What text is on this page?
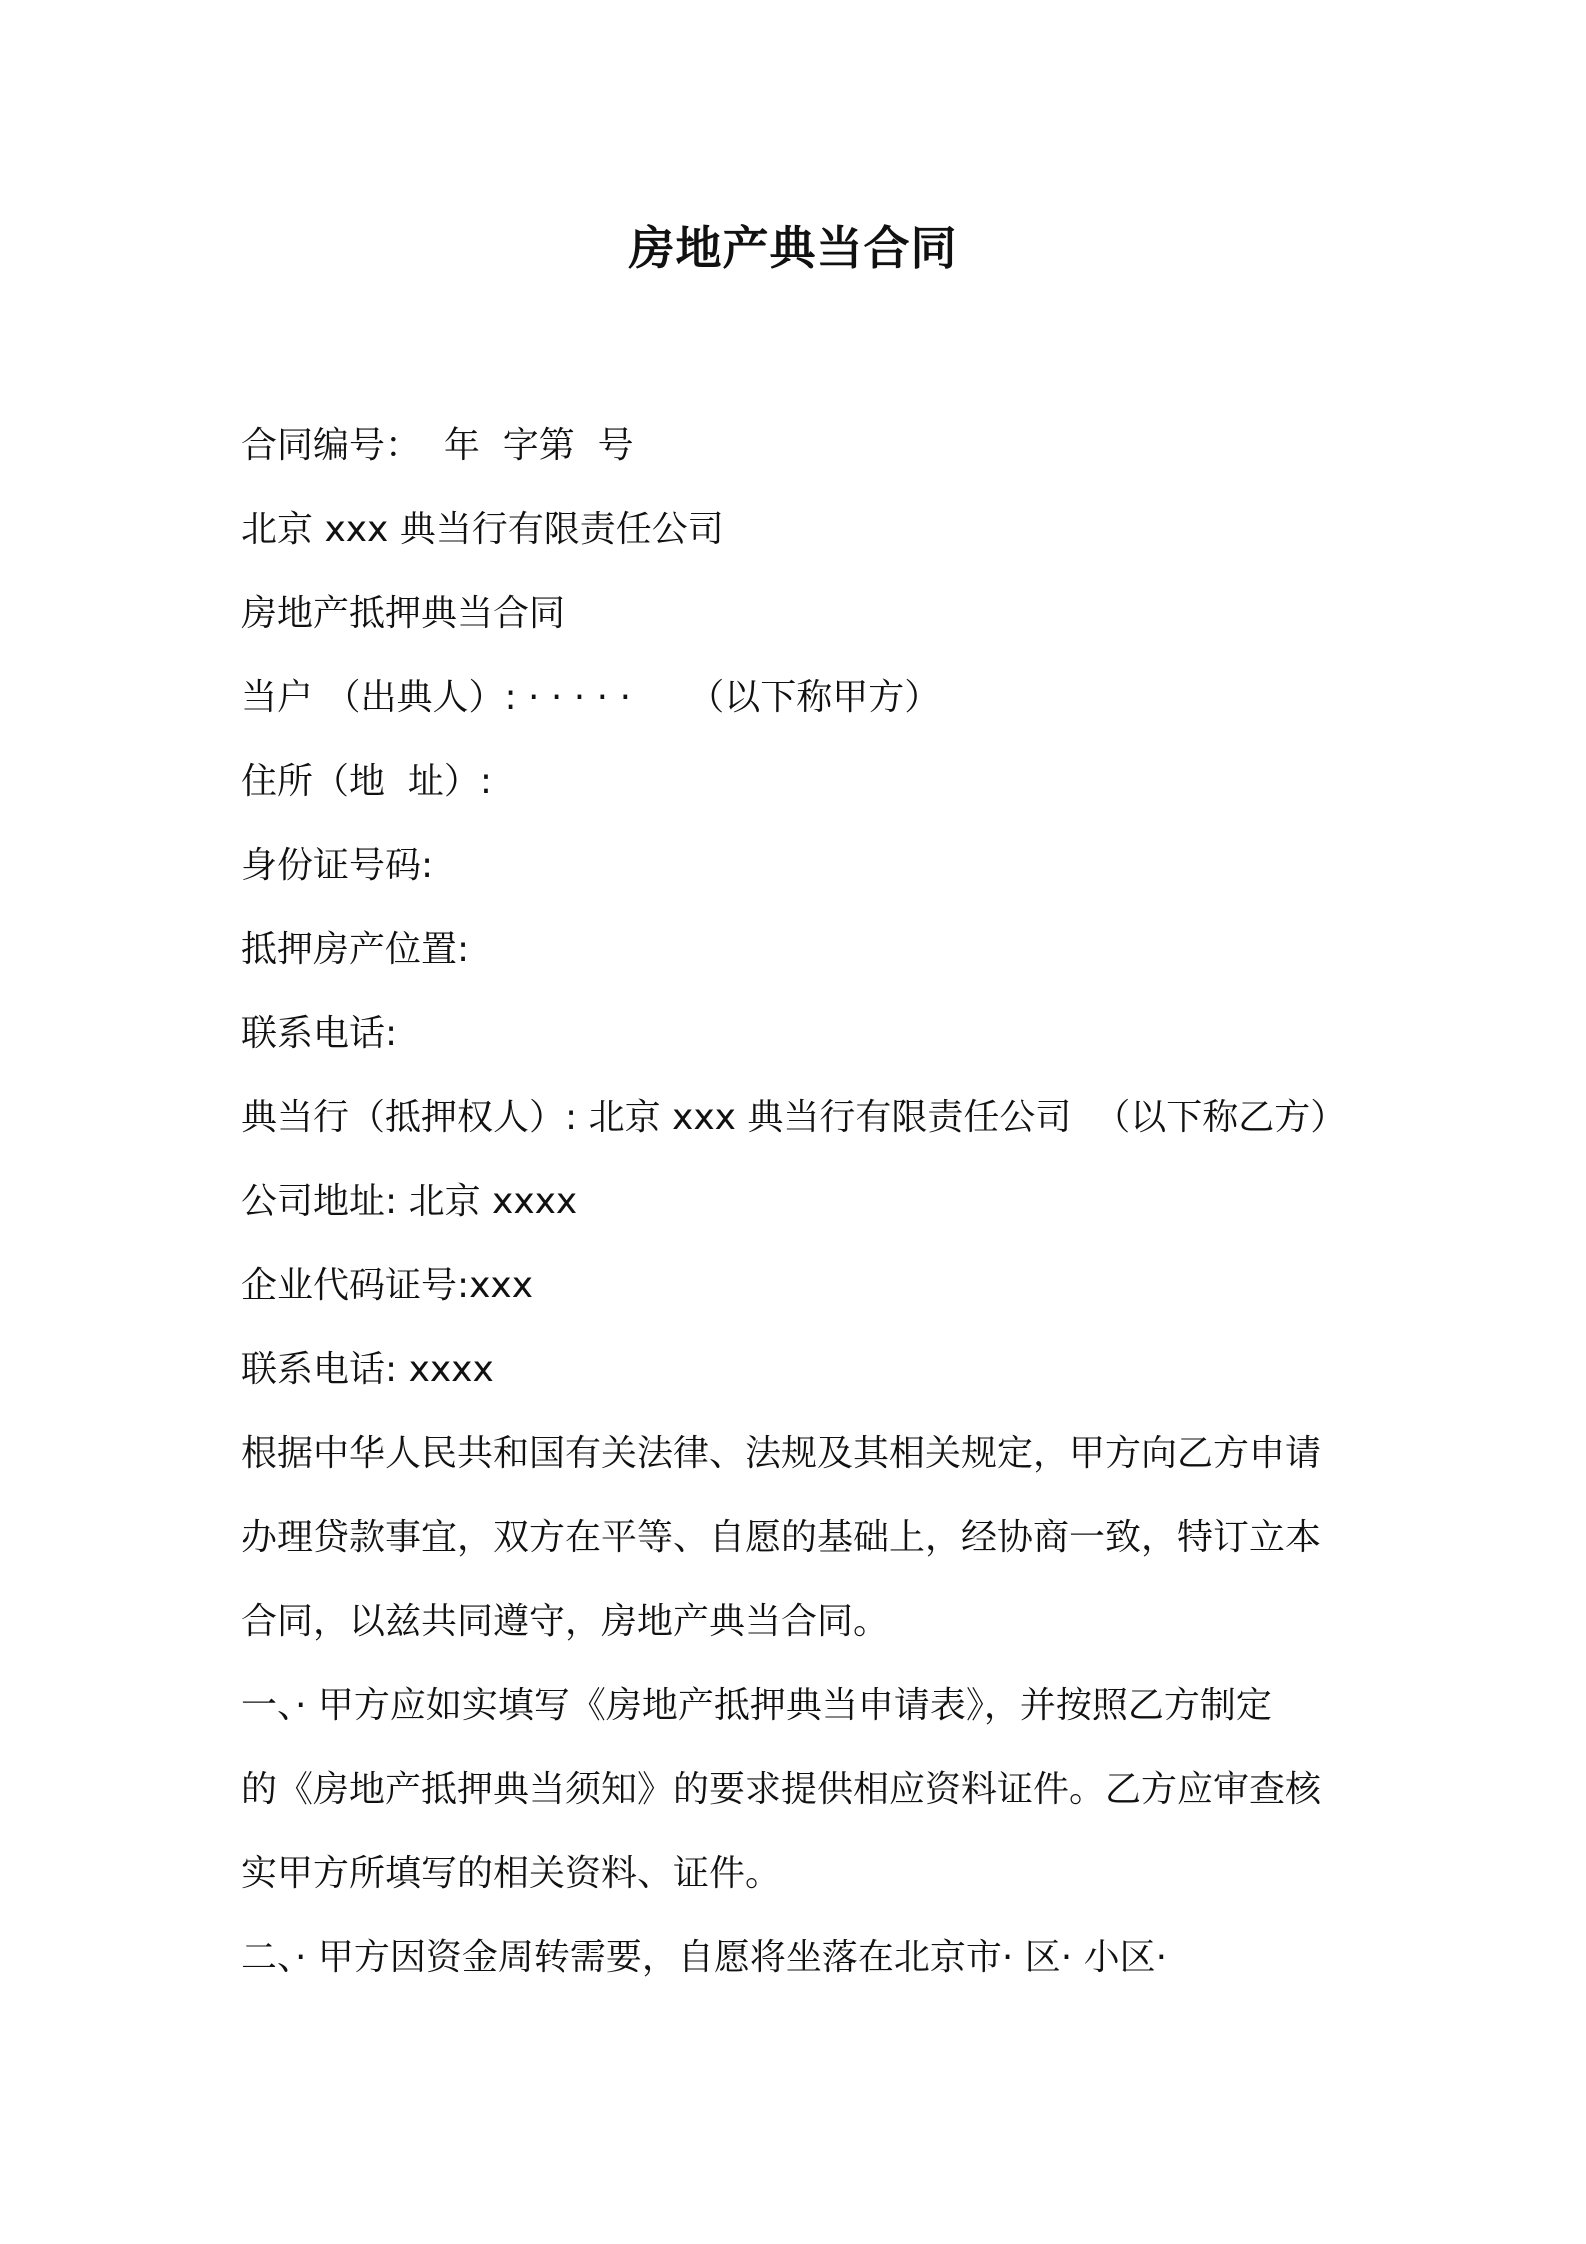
房地产典当合同
合同编号：  年  字第  号
北京 xxx 典当行有限责任公司
房地产抵押典当合同
当户 （出典人）: · · · · ·     （以下称甲方）
住所（地  址）:
身份证号码:
抵押房产位置:
联系电话:
典当行（抵押权人）: 北京 xxx 典当行有限责任公司  （以下称乙方）
公司地址: 北京 xxxx
企业代码证号:xxx
联系电话: xxxx
根据中华人民共和国有关法律、法规及其相关规定，甲方向乙方申请
办理贷款事宜，双方在平等、自愿的基础上，经协商一致，特订立本
合同，以兹共同遵守，房地产典当合同。
一、· 甲方应如实填写《房地产抵押典当申请表》，并按照乙方制定
的《房地产抵押典当须知》的要求提供相应资料证件。乙方应审查核
实甲方所填写的相关资料、证件。
二、· 甲方因资金周转需要，自愿将坐落在北京市· 区· 小区·
